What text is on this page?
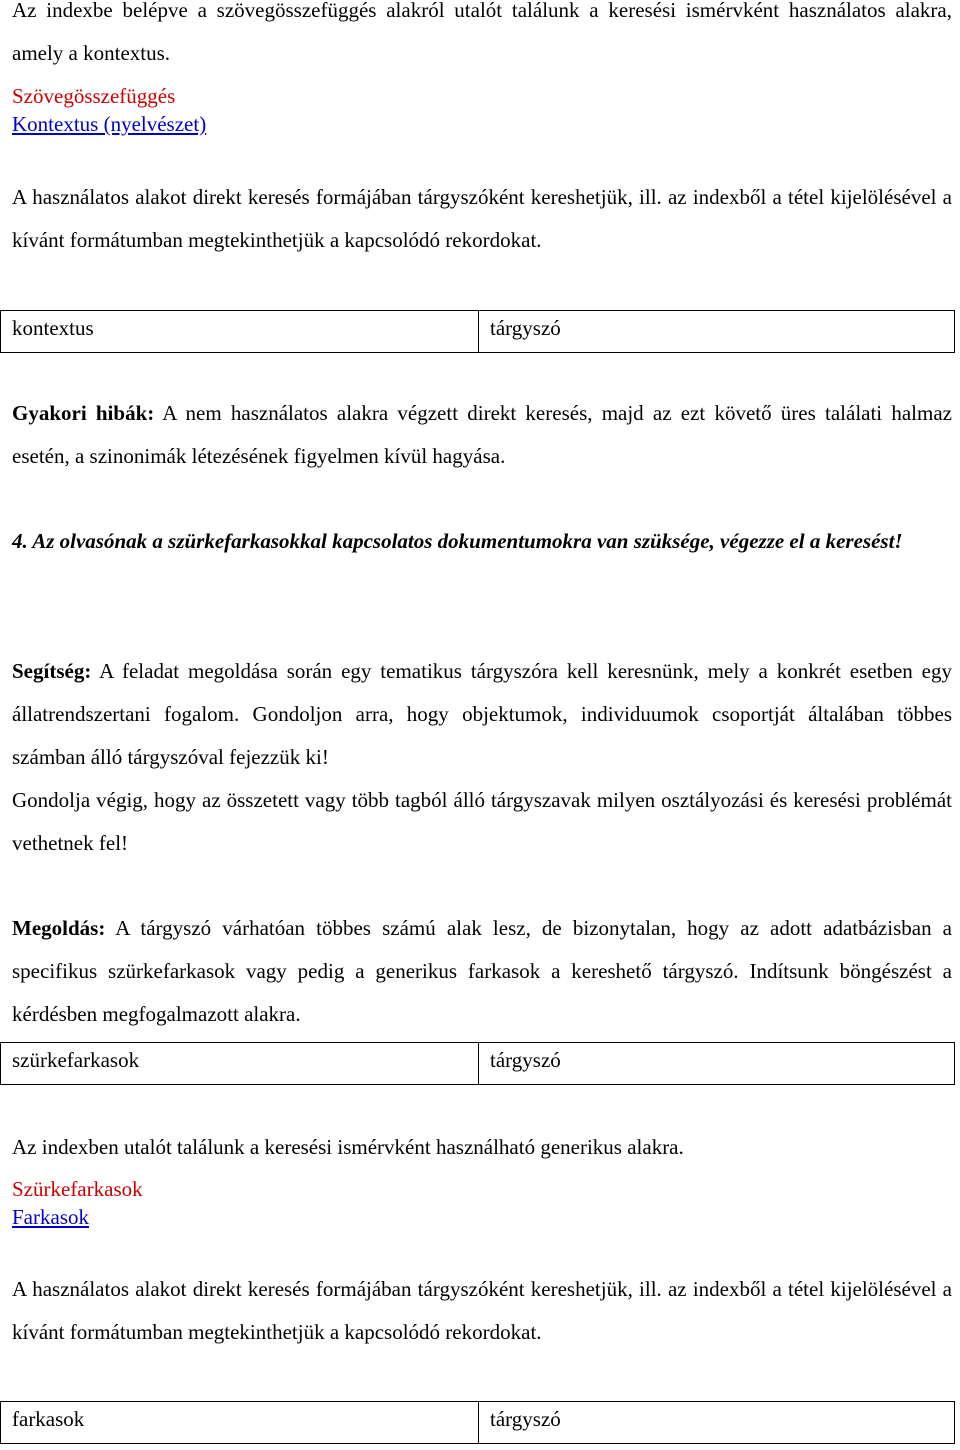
Az indexbe belépve a szövegösszefüggés alakról utalót találunk a keresési ismérvként használatos alakra, amely a kontextus.

Szövegösszefüggés
Kontextus (nyelvészet)

A használatos alakot direkt keresés formájában tárgyszóként kereshetjük, ill. az indexből a tétel kijelölésével a kívánt formátumban megtekinthetjük a kapcsolódó rekordokat.

kontextus	tárgyszó

Gyakori hibák: A nem használatos alakra végzett direkt keresés, majd az ezt követő üres találati halmaz esetén, a szinonimák létezésének figyelmen kívül hagyása.

4. Az olvasónak a szürkefarkasokkal kapcsolatos dokumentumokra van szüksége, végezze el a keresést!

Segítség: A feladat megoldása során egy tematikus tárgyszóra kell keresnünk, mely a konkrét esetben egy állatrendszertani fogalom. Gondoljon arra, hogy objektumok, individuumok csoportját általában többes számban álló tárgyszóval fejezzük ki!

Gondolja végig, hogy az összetett vagy több tagból álló tárgyszavak milyen osztályozási és keresési problémát vethetnek fel!

Megoldás: A tárgyszó várhatóan többes számú alak lesz, de bizonytalan, hogy az adott adatbázisban a specifikus szürkefarkasok vagy pedig a generikus farkasok a kereshető tárgyszó. Indítsunk böngészést a kérdésben megfogalmazott alakra.

szürkefarkasok	tárgyszó

Az indexben utalót találunk a keresési ismérvként használható generikus alakra.

Szürkefarkasok
Farkasok

A használatos alakot direkt keresés formájában tárgyszóként kereshetjük, ill. az indexből a tétel kijelölésével a kívánt formátumban megtekinthetjük a kapcsolódó rekordokat.

farkasok	tárgyszó
